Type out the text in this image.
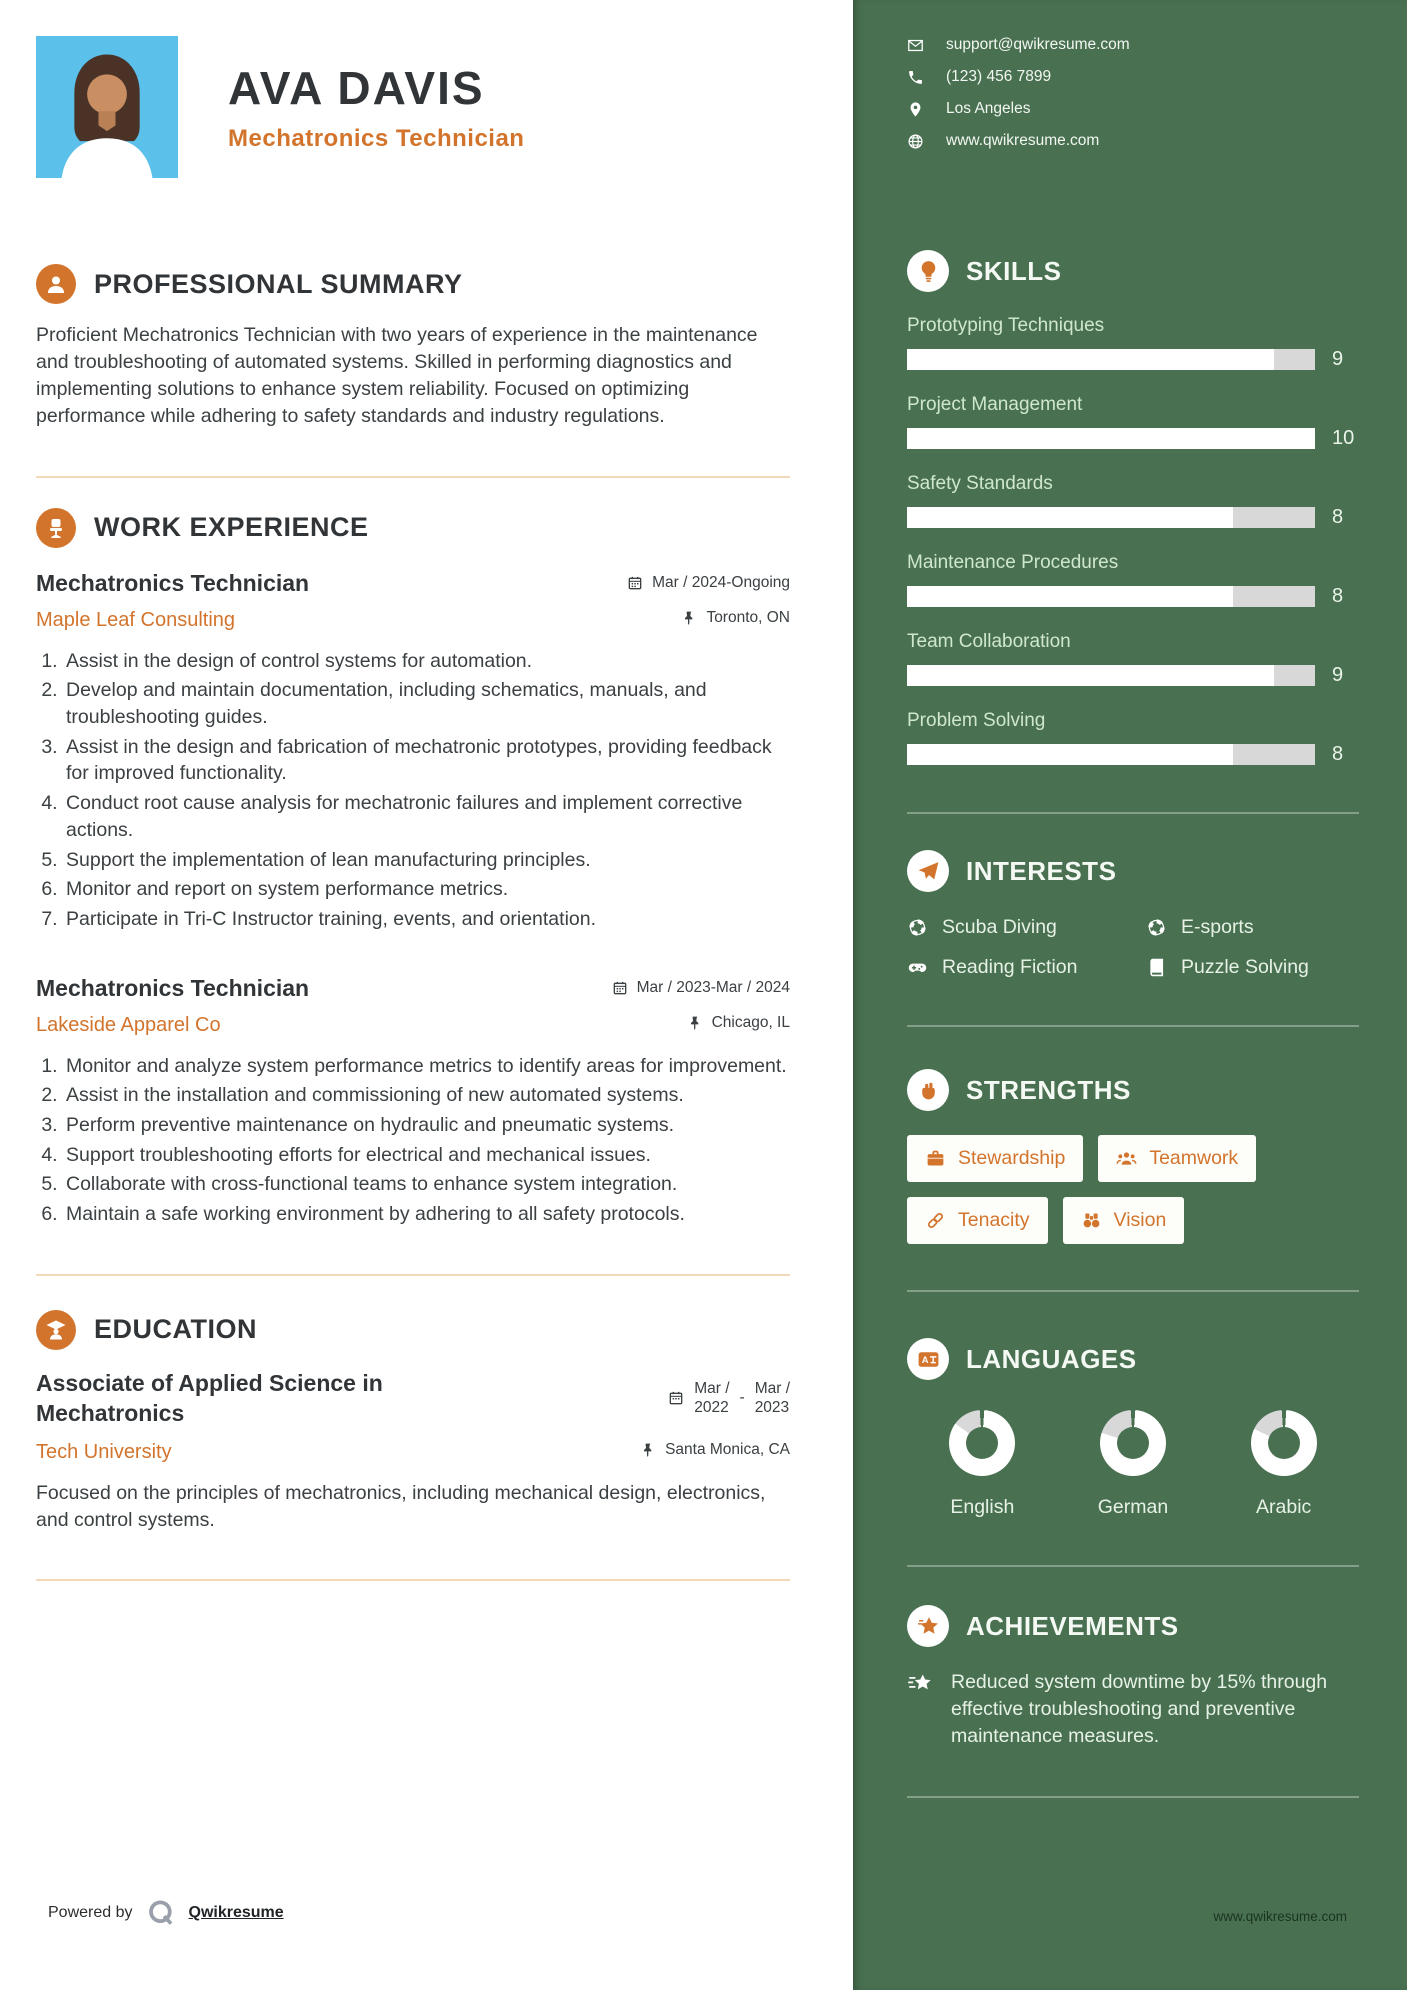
AVA DAVIS
Mechatronics Technician
PROFESSIONAL SUMMARY

Proficient Mechatronics Technician with two years of experience in the maintenance and troubleshooting of automated systems. Skilled in performing diagnostics and implementing solutions to enhance system reliability. Focused on optimizing performance while adhering to safety standards and industry regulations.

WORK EXPERIENCE
Mechatronics Technician	Mar / 2024-Ongoing
Maple Leaf Consulting	Toronto, ON
1. Assist in the design of control systems for automation.
2. Develop and maintain documentation, including schematics, manuals, and troubleshooting guides.
3. Assist in the design and fabrication of mechatronic prototypes, providing feedback for improved functionality.
4. Conduct root cause analysis for mechatronic failures and implement corrective actions.
5. Support the implementation of lean manufacturing principles.
6. Monitor and report on system performance metrics.
7. Participate in Tri-C Instructor training, events, and orientation.
Mechatronics Technician	Mar / 2023-Mar / 2024
Lakeside Apparel Co	Chicago, IL
1. Monitor and analyze system performance metrics to identify areas for improvement.
2. Assist in the installation and commissioning of new automated systems.
3. Perform preventive maintenance on hydraulic and pneumatic systems.
4. Support troubleshooting efforts for electrical and mechanical issues.
5. Collaborate with cross-functional teams to enhance system integration.
6. Maintain a safe working environment by adhering to all safety protocols.
EDUCATION
Associate of Applied Science in Mechatronics
Mar /
2022
-
Mar /
2023
Tech University	Santa Monica, CA

Focused on the principles of mechatronics, including mechanical design, electronics, and control systems.

Powered by	Qwikresume
support@qwikresume.com
(123) 456 7899
Los Angeles
www.qwikresume.com
SKILLS
Prototyping Techniques
9
Project Management
10
Safety Standards
8
Maintenance Procedures
8
Team Collaboration
9
Problem Solving
8
INTERESTS
Scuba Diving	E-sports
Reading Fiction	Puzzle Solving
STRENGTHS
Stewardship	Teamwork
Tenacity	Vision
A LANGUAGES
English	German	Arabic
ACHIEVEMENTS
Reduced system downtime by 15% through effective troubleshooting and preventive maintenance measures.
www.qwikresume.com
